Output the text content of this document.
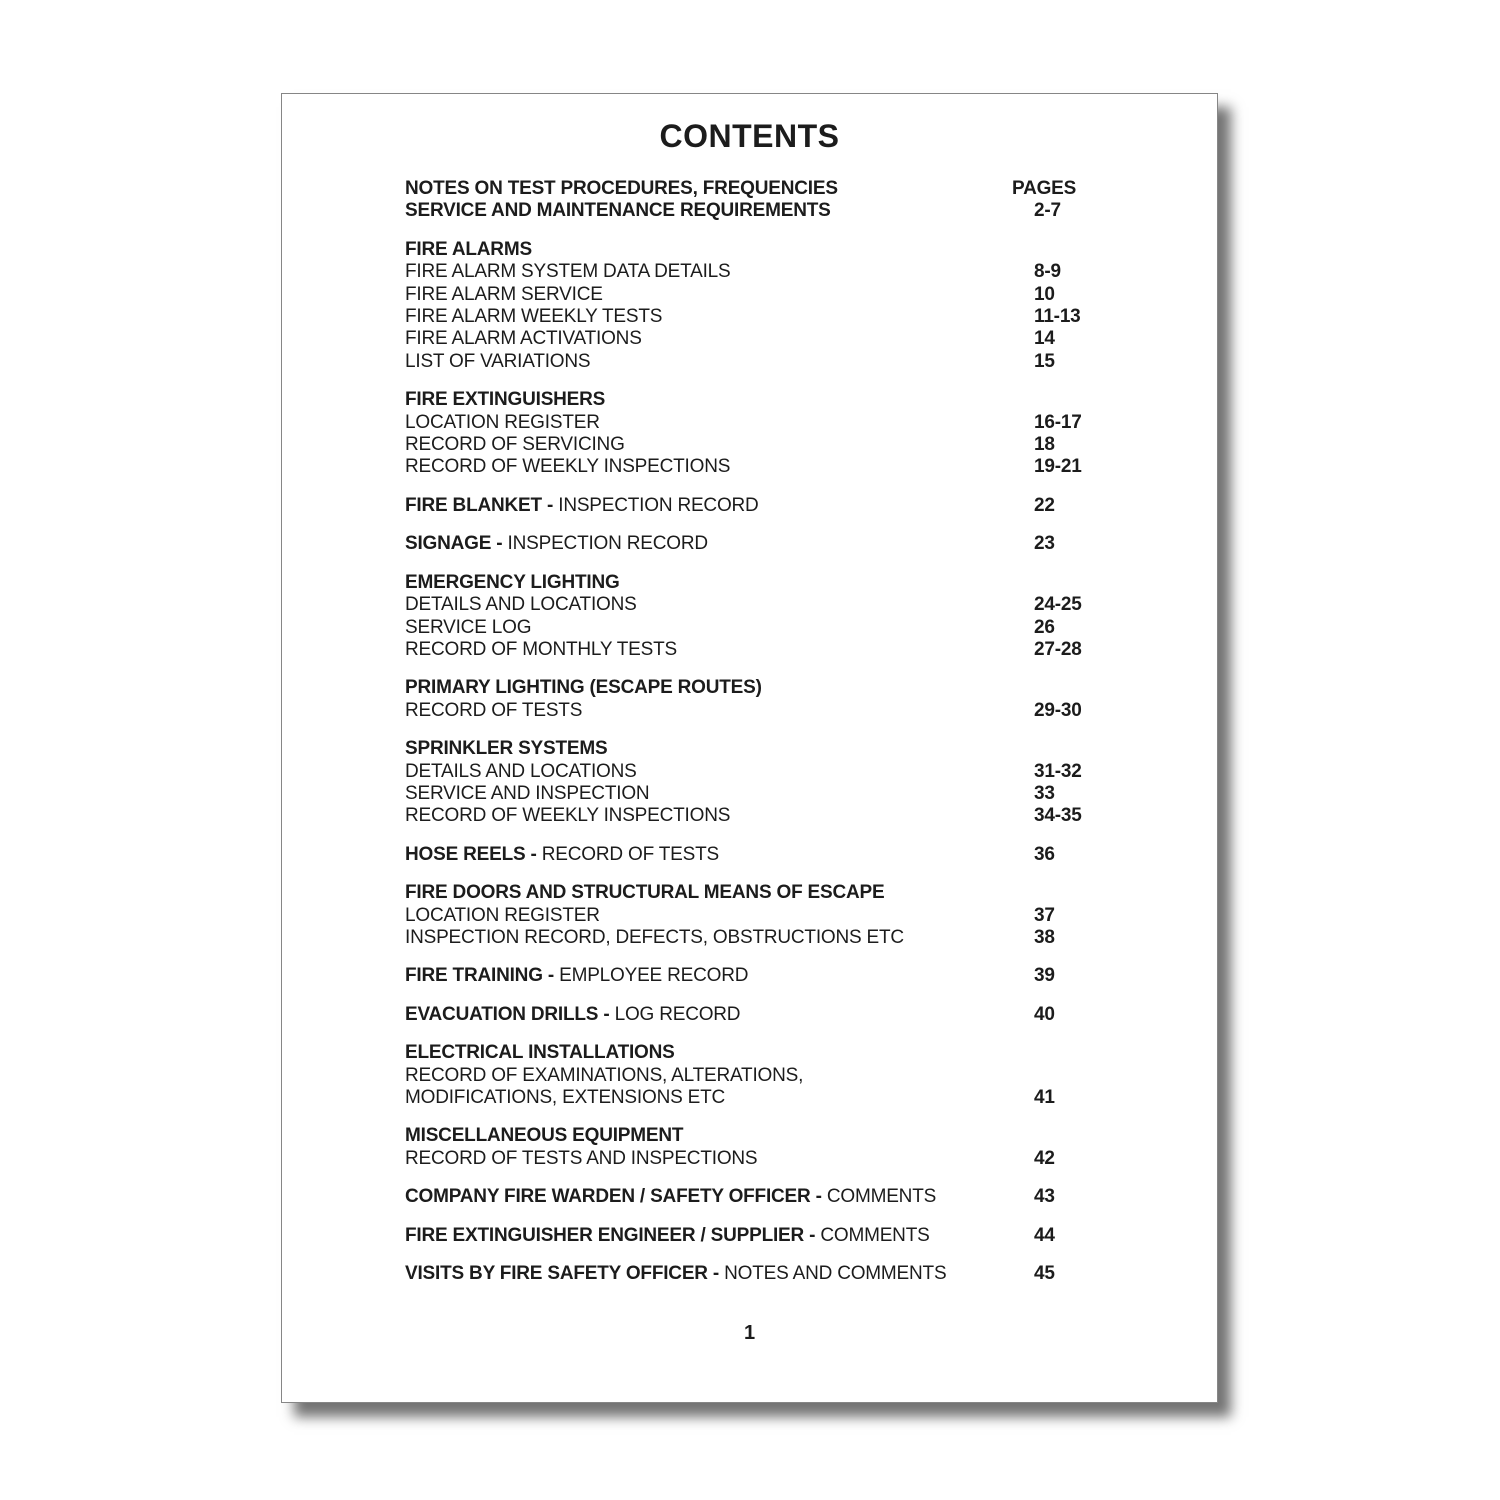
CONTENTS
NOTES ON TEST PROCEDURES, FREQUENCIES	PAGES
SERVICE AND MAINTENANCE REQUIREMENTS	2-7
FIRE ALARMS
FIRE ALARM SYSTEM DATA DETAILS	8-9
FIRE ALARM SERVICE	10
FIRE ALARM WEEKLY TESTS	11-13
FIRE ALARM ACTIVATIONS	14
LIST OF VARIATIONS	15
FIRE EXTINGUISHERS
LOCATION REGISTER	16-17
RECORD OF SERVICING	18
RECORD OF WEEKLY INSPECTIONS	19-21
FIRE BLANKET - INSPECTION RECORD	22
SIGNAGE - INSPECTION RECORD	23
EMERGENCY LIGHTING
DETAILS AND LOCATIONS	24-25
SERVICE LOG	26
RECORD OF MONTHLY TESTS	27-28
PRIMARY LIGHTING (ESCAPE ROUTES)
RECORD OF TESTS	29-30
SPRINKLER SYSTEMS
DETAILS AND LOCATIONS	31-32
SERVICE AND INSPECTION	33
RECORD OF WEEKLY INSPECTIONS	34-35
HOSE REELS - RECORD OF TESTS	36
FIRE DOORS AND STRUCTURAL MEANS OF ESCAPE
LOCATION REGISTER	37
INSPECTION RECORD, DEFECTS, OBSTRUCTIONS ETC	38
FIRE TRAINING - EMPLOYEE RECORD	39
EVACUATION DRILLS - LOG RECORD	40
ELECTRICAL INSTALLATIONS
RECORD OF EXAMINATIONS, ALTERATIONS,
MODIFICATIONS, EXTENSIONS ETC	41
MISCELLANEOUS EQUIPMENT
RECORD OF TESTS AND INSPECTIONS	42
COMPANY FIRE WARDEN / SAFETY OFFICER - COMMENTS	43
FIRE EXTINGUISHER ENGINEER / SUPPLIER - COMMENTS	44
VISITS BY FIRE SAFETY OFFICER - NOTES AND COMMENTS	45
1
